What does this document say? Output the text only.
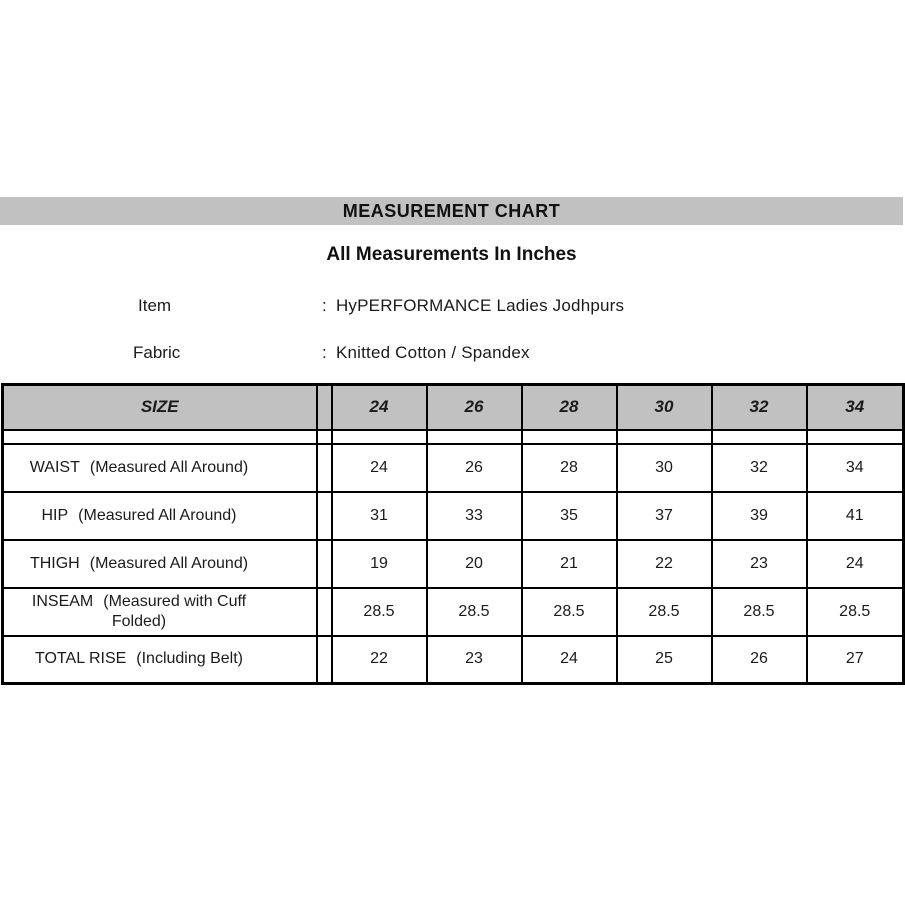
MEASUREMENT CHART
All Measurements In Inches
Item	: HyPERFORMANCE Ladies Jodhpurs
Fabric	: Knitted Cotton / Spandex
SIZE		24	26	28	30	32	34

WAIST (Measured All Around)		24	26	28	30	32	34

HIP (Measured All Around)		31	33	35	37	39	41

THIGH (Measured All Around)		19	20	21	22	23	24

INSEAM (Measured with Cuff Folded)		28.5	28.5	28.5	28.5	28.5	28.5

TOTAL RISE (Including Belt)		22	23	24	25	26	27
